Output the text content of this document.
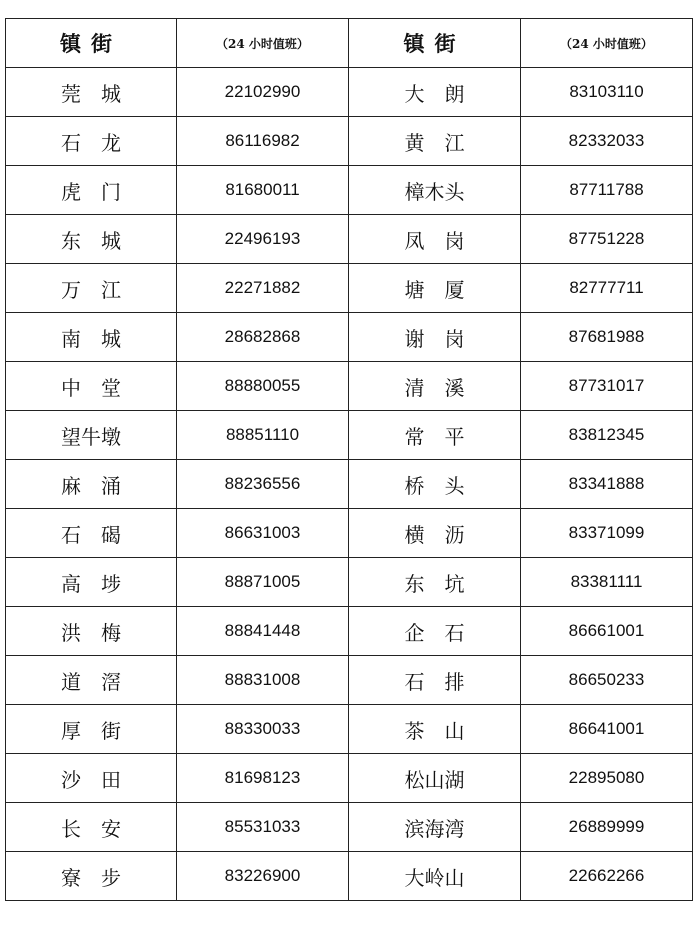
镇街	（24 小时值班）	镇街	（24 小时值班）
莞　城	22102990	大　朗	83103110
石　龙	86116982	黄　江	82332033
虎　门	81680011	樟木头	87711788
东　城	22496193	凤　岗	87751228
万　江	22271882	塘　厦	82777711
南　城	28682868	谢　岗	87681988
中　堂	88880055	清　溪	87731017
望牛墩	88851110	常　平	83812345
麻　涌	88236556	桥　头	83341888
石　碣	86631003	横　沥	83371099
高　埗	88871005	东　坑	83381111
洪　梅	88841448	企　石	86661001
道　滘	88831008	石　排	86650233
厚　街	88330033	茶　山	86641001
沙　田	81698123	松山湖	22895080
长　安	85531033	滨海湾	26889999
寮　步	83226900	大岭山	22662266
